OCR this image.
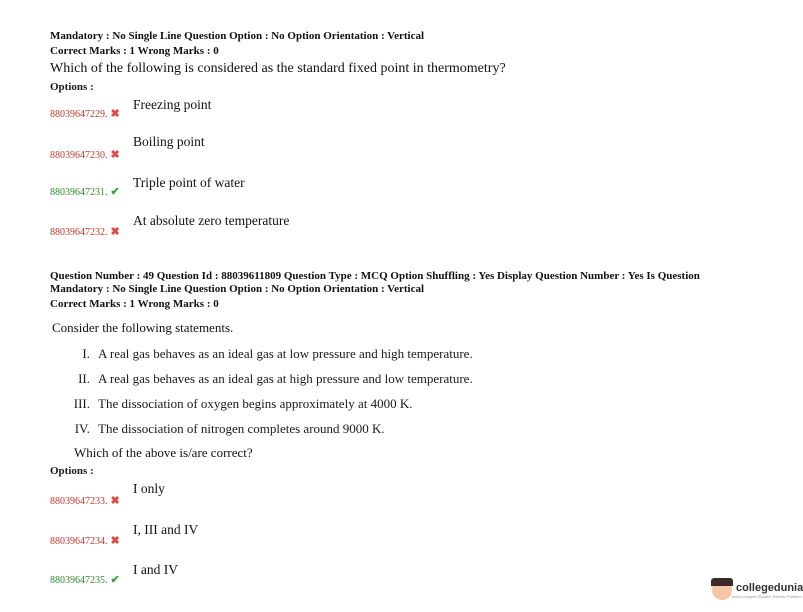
Mandatory : No Single Line Question Option : No Option Orientation : Vertical
Correct Marks : 1 Wrong Marks : 0
Which of the following is considered as the standard fixed point in thermometry?
Options :
88039647229. ✖
Freezing point
88039647230. ✖
Boiling point
88039647231. ✔
Triple point of water
88039647232. ✖
At absolute zero temperature
Question Number : 49 Question Id : 88039611809 Question Type : MCQ Option Shuffling : Yes Display Question Number : Yes Is Question
Mandatory : No Single Line Question Option : No Option Orientation : Vertical
Correct Marks : 1 Wrong Marks : 0
Consider the following statements.
I. A real gas behaves as an ideal gas at low pressure and high temperature.
II. A real gas behaves as an ideal gas at high pressure and low temperature.
III. The dissociation of oxygen begins approximately at 4000 K.
IV. The dissociation of nitrogen completes around 9000 K.
Which of the above is/are correct?
Options :
88039647233. ✖
I only
88039647234. ✖
I, III and IV
88039647235. ✔
I and IV
collegedunia
India's largest Student Review Platform
